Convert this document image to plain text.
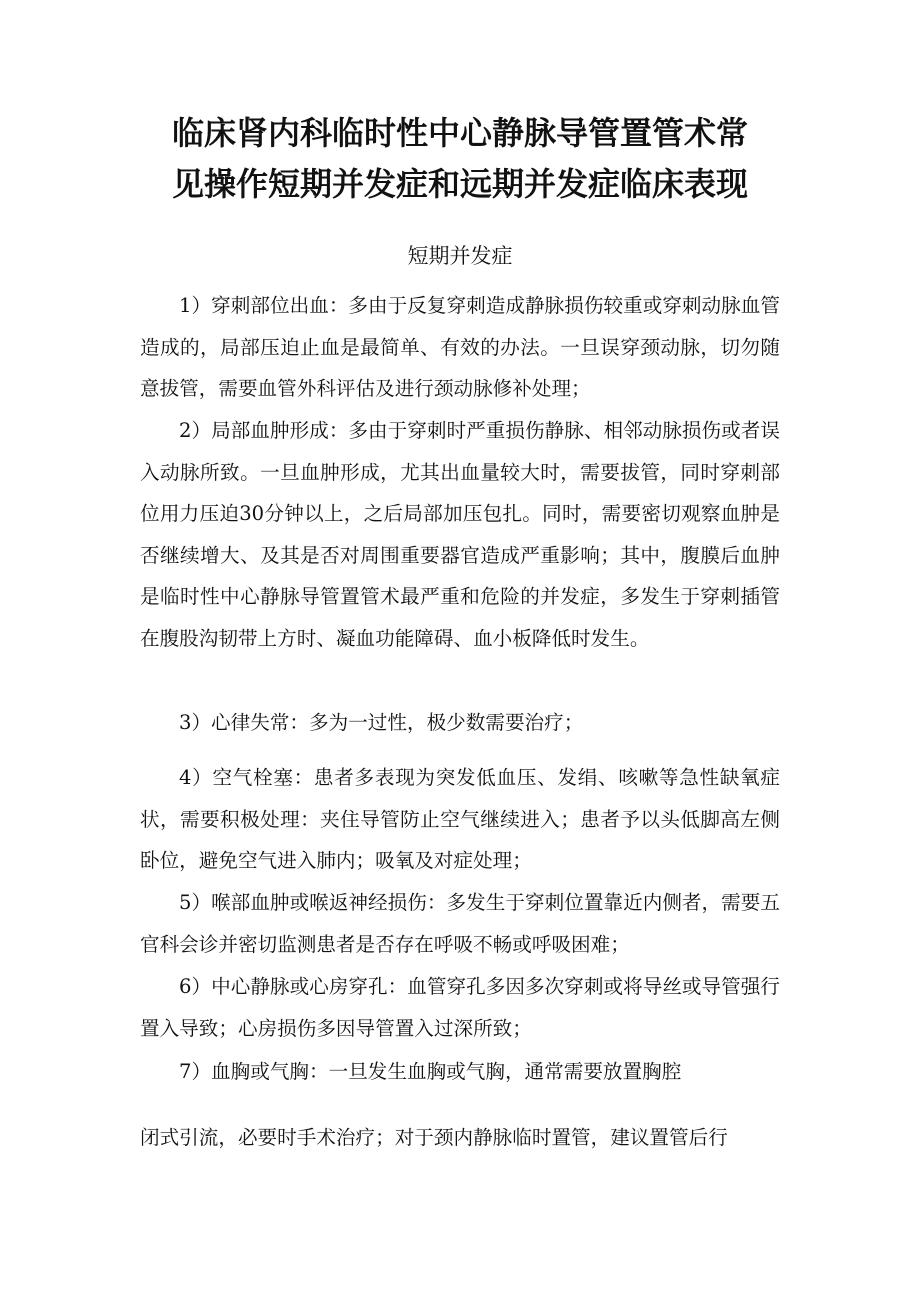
临床肾内科临时性中心静脉导管置管术常
见操作短期并发症和远期并发症临床表现
短期并发症

1）穿刺部位出血：多由于反复穿刺造成静脉损伤较重或穿刺动脉血管造成的，局部压迫止血是最简单、有效的办法。一旦误穿颈动脉，切勿随意拔管，需要血管外科评估及进行颈动脉修补处理；

2）局部血肿形成：多由于穿刺时严重损伤静脉、相邻动脉损伤或者误入动脉所致。一旦血肿形成，尤其出血量较大时，需要拔管，同时穿刺部位用力压迫30分钟以上，之后局部加压包扎。同时，需要密切观察血肿是否继续增大、及其是否对周围重要器官造成严重影响；其中，腹膜后血肿是临时性中心静脉导管置管术最严重和危险的并发症，多发生于穿刺插管在腹股沟韧带上方时、凝血功能障碍、血小板降低时发生。

3）心律失常：多为一过性，极少数需要治疗；

4）空气栓塞：患者多表现为突发低血压、发绢、咳嗽等急性缺氧症状，需要积极处理：夹住导管防止空气继续进入；患者予以头低脚高左侧卧位，避免空气进入肺内；吸氧及对症处理；

5）喉部血肿或喉返神经损伤：多发生于穿刺位置靠近内侧者，需要五官科会诊并密切监测患者是否存在呼吸不畅或呼吸困难；

6）中心静脉或心房穿孔：血管穿孔多因多次穿刺或将导丝或导管强行置入导致；心房损伤多因导管置入过深所致；

7）血胸或气胸：一旦发生血胸或气胸，通常需要放置胸腔

闭式引流，必要时手术治疗；对于颈内静脉临时置管，建议置管后行
